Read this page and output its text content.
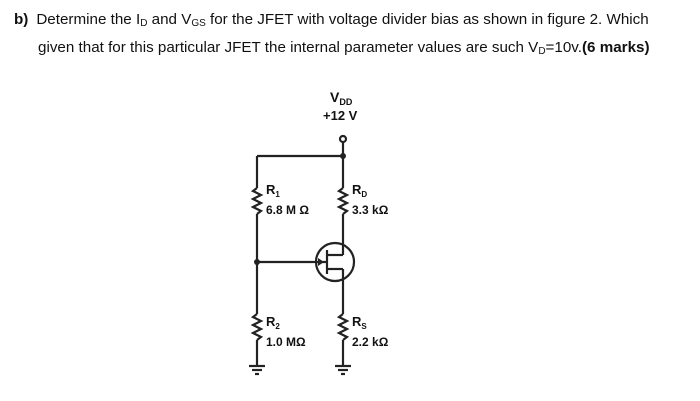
b) Determine the $I_D$ and $V_{GS}$ for the JFET with voltage divider bias as shown in figure 2. Which
given that for this particular JFET the internal parameter values are such $V_D=10v.(6$ marks)
$V_{DD}$
+12 V
$R_1$
6.8 M Ω
$R_D$
3.3 kΩ
$R_2$
1.0 MΩ
$R_S$
2.2 kΩ
